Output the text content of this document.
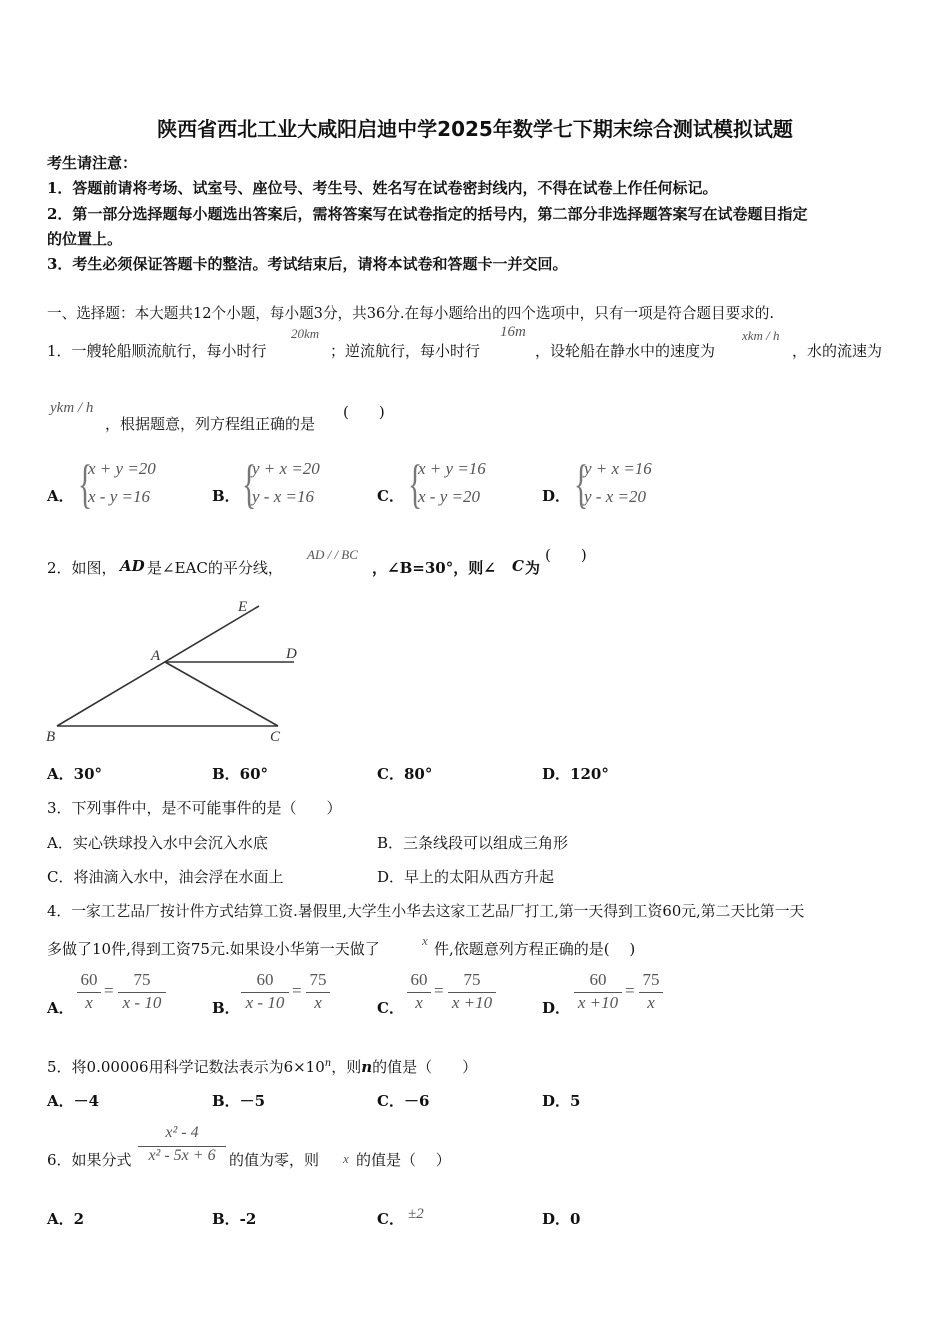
陕西省西北工业大咸阳启迪中学2025年数学七下期末综合测试模拟试题
考生请注意：
1．答题前请将考场、试室号、座位号、考生号、姓名写在试卷密封线内，不得在试卷上作任何标记。
2．第一部分选择题每小题选出答案后，需将答案写在试卷指定的括号内，第二部分非选择题答案写在试卷题目指定
的位置上。
3．考生必须保证答题卡的整洁。考试结束后，请将本试卷和答题卡一并交回。
一、选择题：本大题共12个小题，每小题3分，共36分.在每小题给出的四个选项中，只有一项是符合题目要求的.
1．一艘轮船顺流航行，每小时行
20km
；逆流航行，每小时行
16m
，设轮船在静水中的速度为
xkm / h
，水的流速为
ykm / h
，根据题意，列方程组正确的是
(　　)
A． {
x + y =20
x - y =16	B． {
y + x =20
y - x =16	C． {
x + y =16
x - y =20	D． {
y + x =16
y - x =20
2．如图， AD 是∠EAC的平分线，
AD / / BC
，∠B=30°，则∠ C 为
(　　)
E
A	D
B	C
A．30°	B．60°	C．80°	D．120°
3．下列事件中，是不可能事件的是（　　）
A．实心铁球投入水中会沉入水底	B．三条线段可以组成三角形
C．将油滴入水中，油会浮在水面上	D．早上的太阳从西方升起
4．一家工艺品厂按计件方式结算工资.暑假里,大学生小华去这家工艺品厂打工,第一天得到工资60元,第二天比第一天
多做了10件,得到工资75元.如果设小华第一天做了	x 件,依题意列方程正确的是(　 )
A．
60
x
=
75
x - 10	B．
60
x - 10
=
75
x	C．
60
x
=
75
x +10	D．
60
x +10
=
75
x
5．将0.00006用科学记数法表示为$6\times 10^n$，则n的值是（　　）
A．－4	B．－5	C．－6	D．5
6．如果分式
x² - 4
x² - 5x + 6 的值为零，则 x 的值是（　 ）
A．2	B．-2	C． ±2	D．0
